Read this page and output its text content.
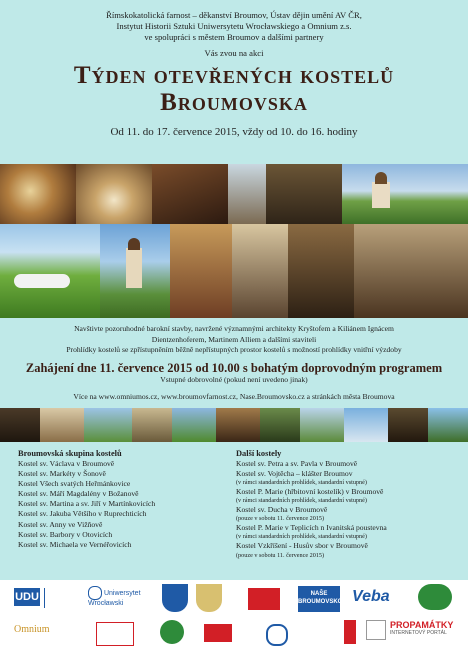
Římskokatolická farnost – děkanství Broumov, Ústav dějin umění AV ČR,
Instytut Historii Sztuki Uniwersytetu Wrocławskiego a Omnium z.s.
ve spolupráci s městem Broumov a dalšími partnery
Vás zvou na akci
Týden otevřených kostelů
Broumovska
Od 11. do 17. července 2015, vždy od 10. do 16. hodiny
Navštivte pozoruhodné barokní stavby, navržené významnými architekty Kryštofem a Kiliánem Ignácem
Dientzenhoferem, Martinem Alliem a dalšími staviteli
Prohlídky kostelů se zpřístupněním běžně nepřístupných prostor kostelů s možností prohlídky vnitřní výzdoby
Zahájení dne 11. července 2015 od 10.00 s bohatým doprovodným programem
Vstupné dobrovolné (pokud není uvedeno jinak)
Více na www.omniumos.cz, www.broumovfarnost.cz, Nase.Broumovsko.cz a stránkách města Broumova
Broumovská skupina kostelů
Kostel sv. Václava v Broumově
Kostel sv. Markéty v Šonově
Kostel Všech svatých Heřmánkovice
Kostel sv. Máří Magdalény v Božanově
Kostel sv. Martina a sv. Jiří v Martínkovicích
Kostel sv. Jakuba Většího v Ruprechticích
Kostel sv. Anny ve Vižňově
Kostel sv. Barbory v Otovicích
Kostel sv. Michaela ve Vernéřovicích
Další kostely
Kostel sv. Petra a sv. Pavla v Broumově
Kostel sv. Vojtěcha – klášter Broumov
(v rámci standardních prohlídek, standardní vstupné)
Kostel P. Marie (hřbitovní kostelík) v Broumově
(v rámci standardních prohlídek, standardní vstupné)
Kostel sv. Ducha v Broumově
(pouze v sobotu 11. července 2015)
Kostel P. Marie v Teplicích n Ivanitská poustevna
(v rámci standardních prohlídek, standardní vstupné)
Kostel Vzkříšení - Husův sbor v Broumově
(pouze v sobotu 11. července 2015)
UDU	Uniwersytet Wrocławski
NAŠE BROUMOVSKO Veba
Omnium	PROPAMÁTKY
INTERNETOVÝ PORTÁL
